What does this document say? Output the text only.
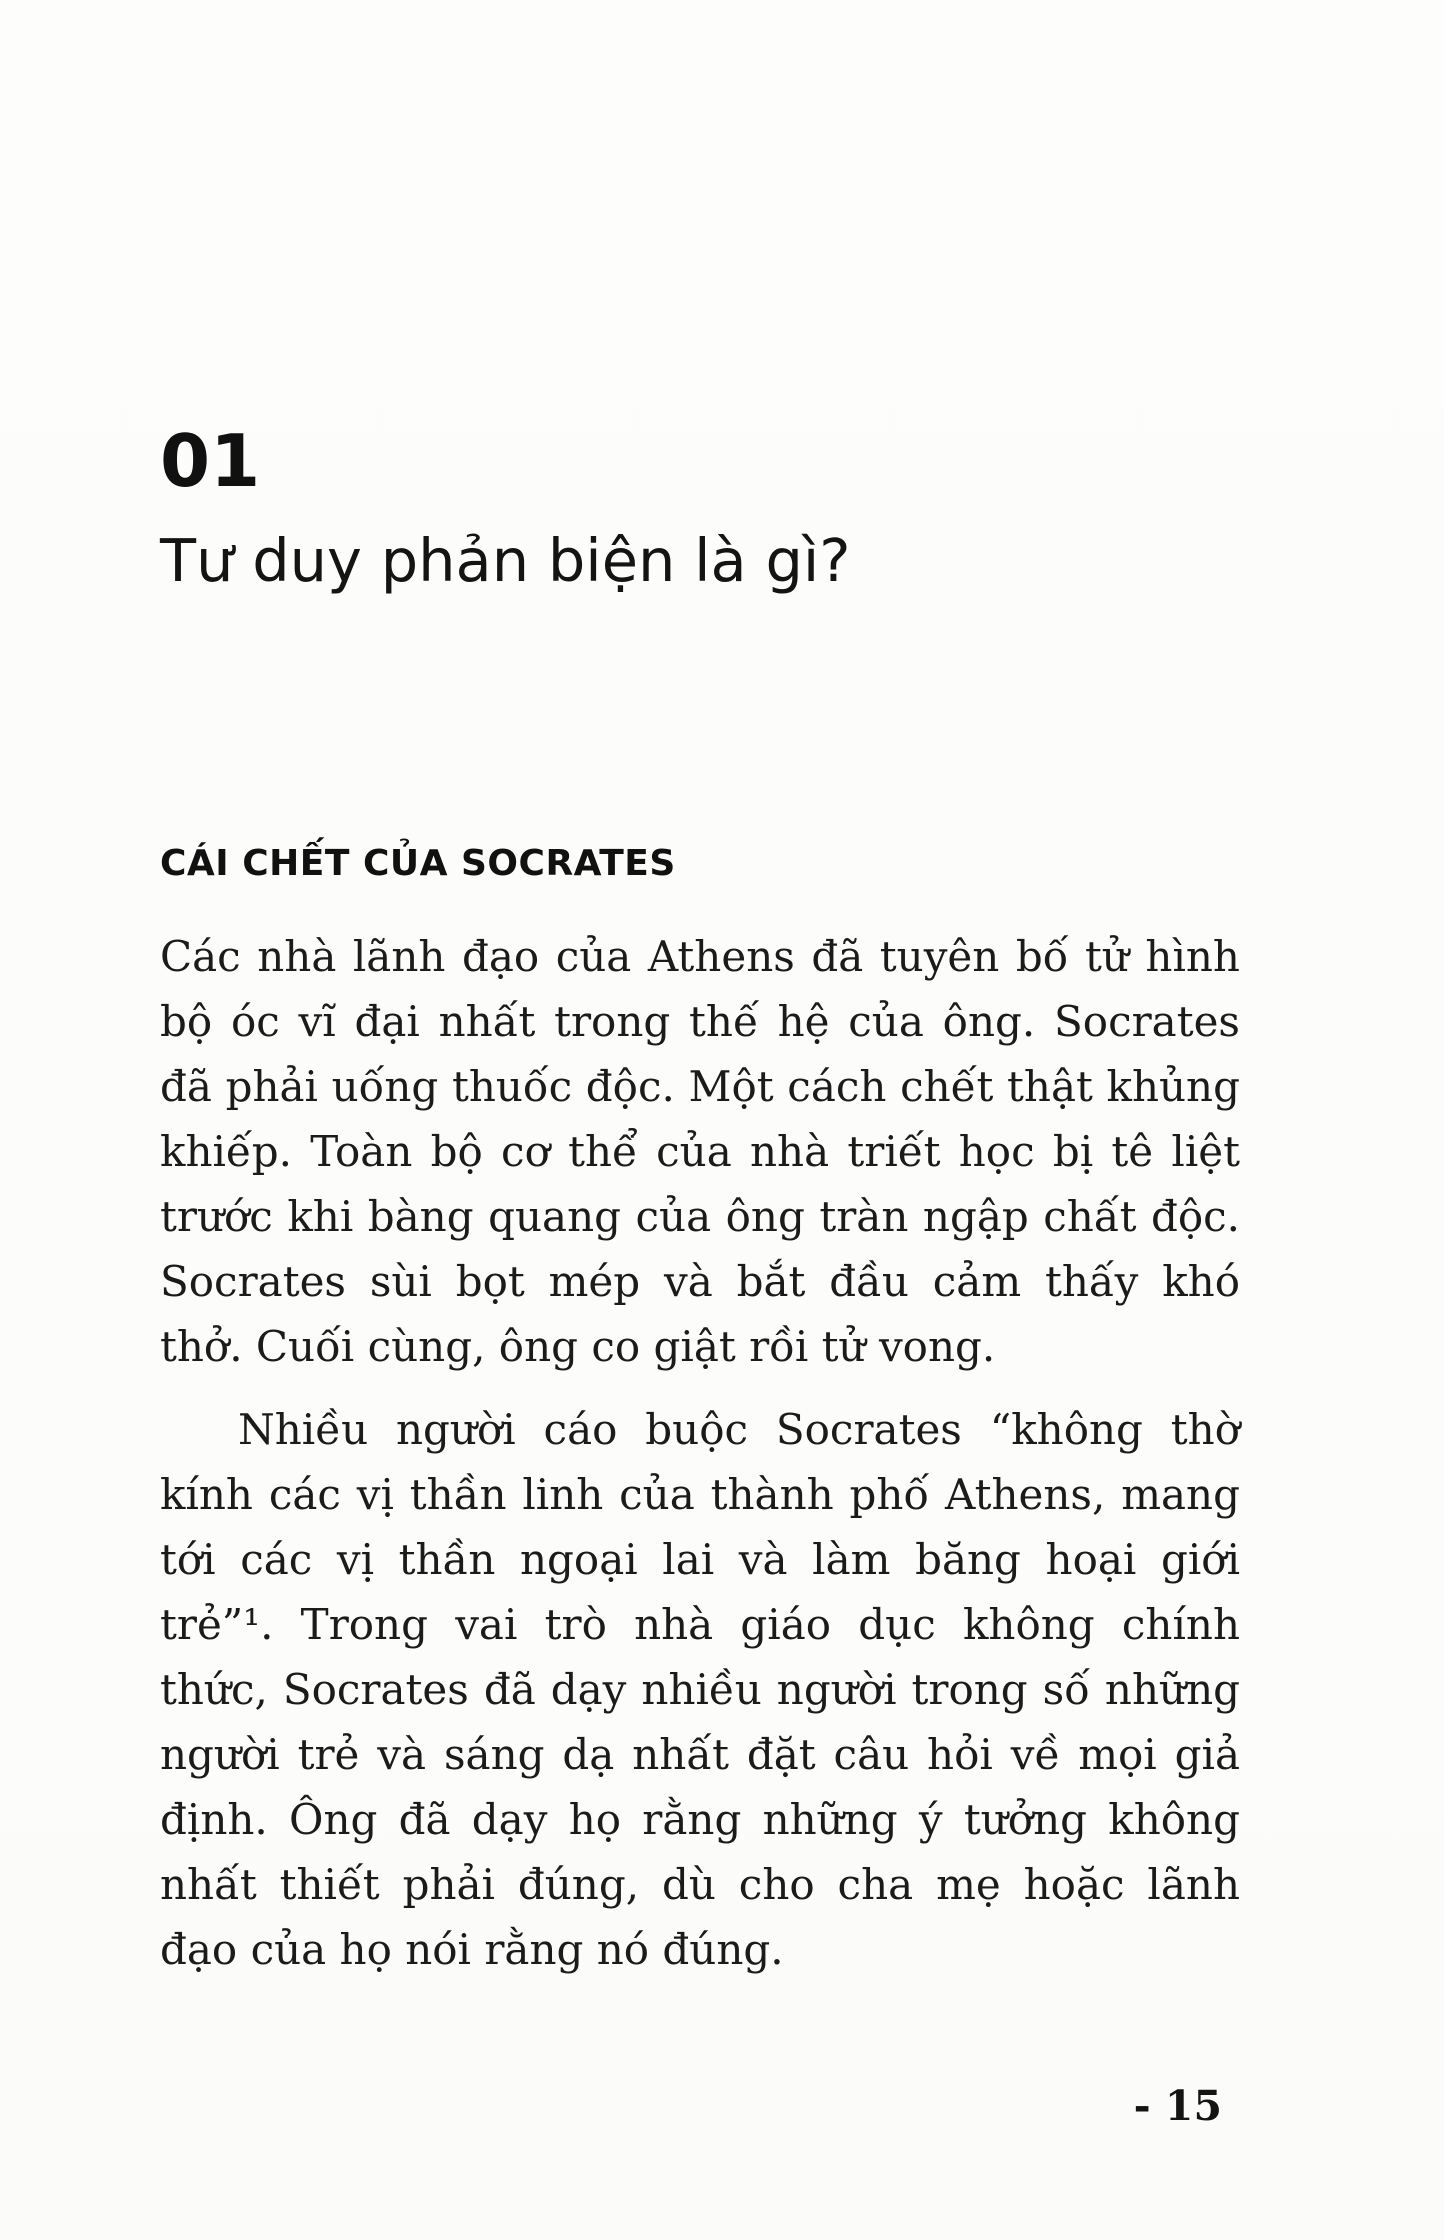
01
Tư duy phản biện là gì?
CÁI CHẾT CỦA SOCRATES

Các nhà lãnh đạo của Athens đã tuyên bố tử hình bộ óc vĩ đại nhất trong thế hệ của ông. Socrates đã phải uống thuốc độc. Một cách chết thật khủng khiếp. Toàn bộ cơ thể của nhà triết học bị tê liệt trước khi bàng quang của ông tràn ngập chất độc. Socrates sùi bọt mép và bắt đầu cảm thấy khó thở. Cuối cùng, ông co giật rồi tử vong.

Nhiều người cáo buộc Socrates “không thờ kính các vị thần linh của thành phố Athens, mang tới các vị thần ngoại lai và làm băng hoại giới trẻ”¹. Trong vai trò nhà giáo dục không chính thức, Socrates đã dạy nhiều người trong số những người trẻ và sáng dạ nhất đặt câu hỏi về mọi giả định. Ông đã dạy họ rằng những ý tưởng không nhất thiết phải đúng, dù cho cha mẹ hoặc lãnh đạo của họ nói rằng nó đúng.

- 15
